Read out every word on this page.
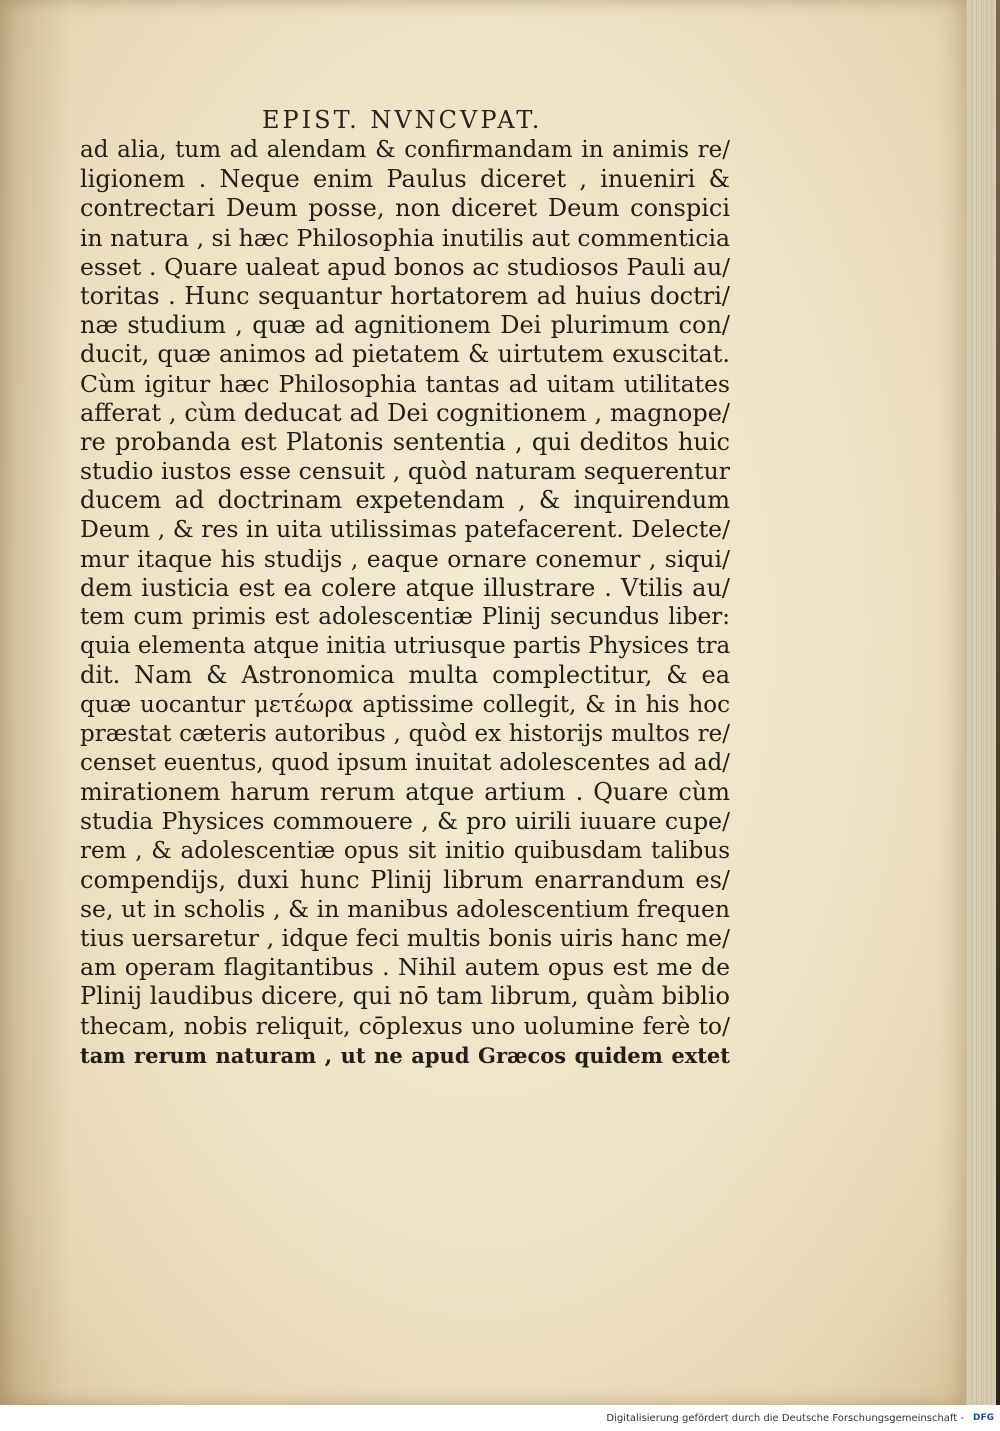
EPIST. NVNCVPAT.
ad alia, tum ad alendam & confirmandam in animis re/
ligionem . Neque enim Paulus diceret , inueniri &
contrectari Deum posse, non diceret Deum conspici
in natura , si hæc Philosophia inutilis aut commenticia
esset . Quare ualeat apud bonos ac studiosos Pauli au/
toritas . Hunc sequantur hortatorem ad huius doctri/
næ studium , quæ ad agnitionem Dei plurimum con/
ducit, quæ animos ad pietatem & uirtutem exuscitat.
Cùm igitur hæc Philosophia tantas ad uitam utilitates
afferat , cùm deducat ad Dei cognitionem , magnope/
re probanda est Platonis sententia , qui deditos huic
studio iustos esse censuit , quòd naturam sequerentur
ducem ad doctrinam expetendam , & inquirendum
Deum , & res in uita utilissimas patefacerent. Delecte/
mur itaque his studijs , eaque ornare conemur , siqui/
dem iusticia est ea colere atque illustrare . Vtilis au/
tem cum primis est adolescentiæ Plinij secundus liber:
quia elementa atque initia utriusque partis Physices tra
dit. Nam & Astronomica multa complectitur, & ea
quæ uocantur μετέωρα aptissime collegit, & in his hoc
præstat cæteris autoribus , quòd ex historijs multos re/
censet euentus, quod ipsum inuitat adolescentes ad ad/
mirationem harum rerum atque artium . Quare cùm
studia Physices commouere , & pro uirili iuuare cupe/
rem , & adolescentiæ opus sit initio quibusdam talibus
compendijs, duxi hunc Plinij librum enarrandum es/
se, ut in scholis , & in manibus adolescentium frequen
tius uersaretur , idque feci multis bonis uiris hanc me/
am operam flagitantibus . Nihil autem opus est me de
Plinij laudibus dicere, qui nō tam librum, quàm biblio
thecam, nobis reliquit, cōplexus uno uolumine ferè to/
tam rerum naturam , ut ne apud Græcos quidem extet
Digitalisierung gefördert durch die Deutsche Forschungsgemeinschaft - DFG
